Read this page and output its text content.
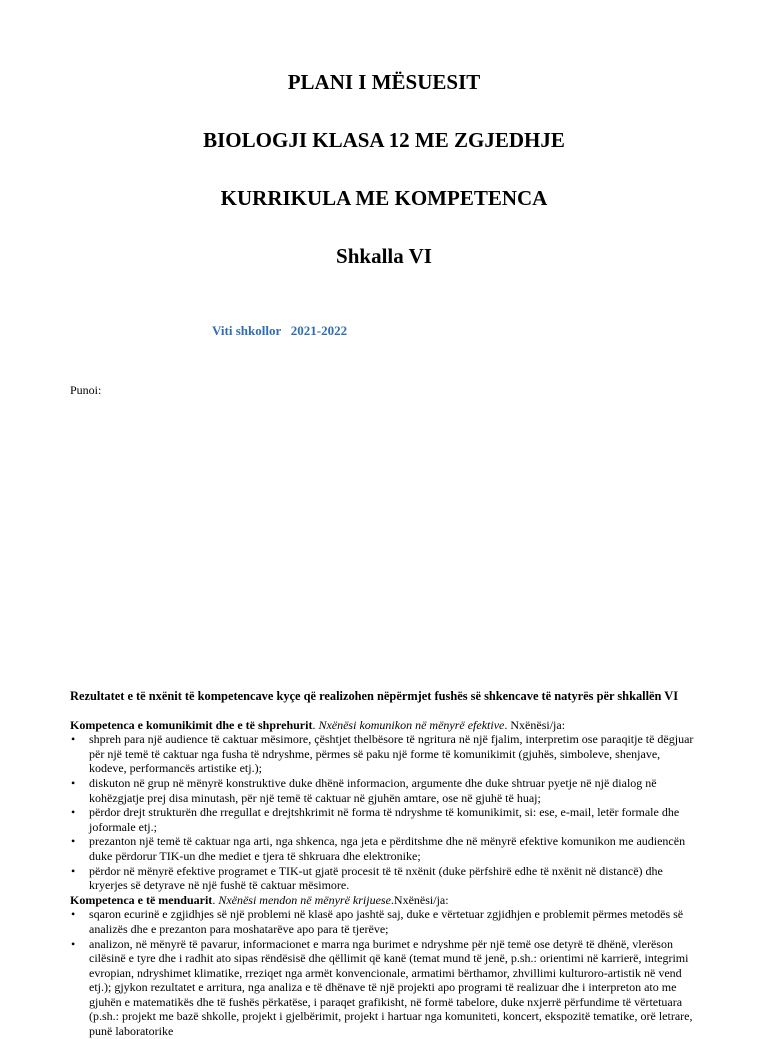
PLANI I MËSUESIT
BIOLOGJI KLASA 12 ME ZGJEDHJE
KURRIKULA ME KOMPETENCA
Shkalla VI
Viti shkollor   2021-2022
Punoi:

Rezultatet e të nxënit të kompetencave kyçe që realizohen nëpërmjet fushës së shkencave të natyrës për shkallën VI

Kompetenca e komunikimit dhe e të shprehurit. Nxënësi komunikon në mënyrë efektive. Nxënësi/ja:

• shpreh para një audience të caktuar mësimore, çështjet thelbësore të ngritura në një fjalim, interpretim ose paraqitje të dëgjuar për një temë të caktuar nga fusha të ndryshme, përmes së paku një forme të komunikimit (gjuhës, simboleve, shenjave, kodeve, performancës artistike etj.);
• diskuton në grup në mënyrë konstruktive duke dhënë informacion, argumente dhe duke shtruar pyetje në një dialog në kohëzgjatje prej disa minutash, për një temë të caktuar në gjuhën amtare, ose në gjuhë të huaj;
• përdor drejt strukturën dhe rregullat e drejtshkrimit në forma të ndryshme të komunikimit, si: ese, e-mail, letër formale dhe joformale etj.;
• prezanton një temë të caktuar nga arti, nga shkenca, nga jeta e përditshme dhe në mënyrë efektive komunikon me audiencën duke përdorur TIK-un dhe mediet e tjera të shkruara dhe elektronike;
• përdor në mënyrë efektive programet e TIK-ut gjatë procesit të të nxënit (duke përfshirë edhe të nxënit në distancë) dhe kryerjes së detyrave në një fushë të caktuar mësimore.

Kompetenca e të menduarit. Nxënësi mendon në mënyrë krijuese.Nxënësi/ja:

• sqaron ecurinë e zgjidhjes së një problemi në klasë apo jashtë saj, duke e vërtetuar zgjidhjen e problemit përmes metodës së analizës dhe e prezanton para moshatarëve apo para të tjerëve;
• analizon, në mënyrë të pavarur, informacionet e marra nga burimet e ndryshme për një temë ose detyrë të dhënë, vlerëson cilësinë e tyre dhe i radhit ato sipas rëndësisë dhe qëllimit që kanë (temat mund të jenë, p.sh.: orientimi në karrierë, integrimi evropian, ndryshimet klimatike, rreziqet nga armët konvencionale, armatimi bërthamor, zhvillimi kulturoro-artistik në vend etj.); gjykon rezultatet e arritura, nga analiza e të dhënave të një projekti apo programi të realizuar dhe i interpreton ato me gjuhën e matematikës dhe të fushës përkatëse, i paraqet grafikisht, në formë tabelore, duke nxjerrë përfundime të vërtetuara (p.sh.: projekt me bazë shkolle, projekt i gjelbërimit, projekt i hartuar nga komuniteti, koncert, ekspozitë tematike, orë letrare, punë laboratorike
